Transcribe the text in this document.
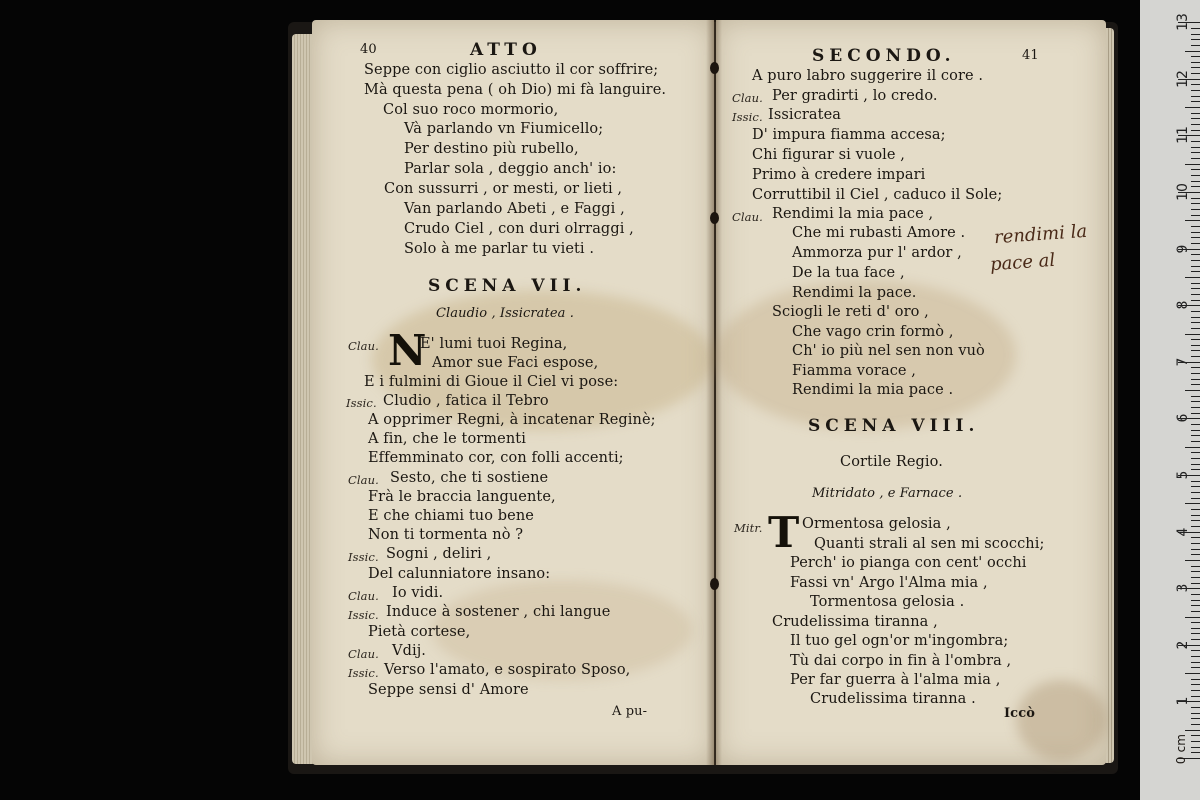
40	ATTO
Seppe con ciglio asciutto il cor soffrire;
Mà questa pena ( oh Dio) mi fà languire.
Col suo roco mormorio,
Và parlando vn Fiumicello;
Per destino più rubello,
Parlar sola , deggio anch' io:
Con sussurri , or mesti, or lieti ,
Van parlando Abeti , e Faggi ,
Crudo Ciel , con duri olrraggi ,
Solo à me parlar tu vieti .
SCENA VII.
Claudio , Issicratea .
Clau. N
E' lumi tuoi Regina,
Amor sue Faci espose,
E i fulmini di Gioue il Ciel vi pose:
Issic. Cludio , fatica il Tebro
A opprimer Regni, à incatenar Reginè;
A fin, che le tormenti
Effemminato cor, con folli accenti;
Clau. Sesto, che ti sostiene
Frà le braccia languente,
E che chiami tuo bene
Non ti tormenta nò ?
Issic. Sogni , deliri ,
Del calunniatore insano:
Clau. Io vidi.
Issic. Induce à sostener , chi langue
Pietà cortese,
Clau. Vdij.
Issic. Verso l'amato, e sospirato Sposo,
Seppe sensi d' Amore
A pu-
SECONDO.	41
A puro labro suggerire il core .
Clau. Per gradirti , lo credo.
Issic. Issicratea
D' impura fiamma accesa;
Chi figurar si vuole ,
Primo à credere impari
Corruttibil il Ciel , caduco il Sole;
Clau. Rendimi la mia pace ,
Che mi rubasti Amore .
Ammorza pur l' ardor ,
De la tua face ,
Rendimi la pace.
Sciogli le reti d' oro ,
Che vago crin formò ,
Ch' io più nel sen non vuò
Fiamma vorace ,
Rendimi la mia pace .
SCENA VIII.
Cortile Regio.
Mitridato , e Farnace .
Mitr. T Ormentosa gelosia ,
Quanti strali al sen mi scocchi;
Perch' io pianga con cent' occhi
Fassi vn' Argo l'Alma mia ,
Tormentosa gelosia .
Crudelissima tiranna ,
Il tuo gel ogn'or m'ingombra;
Tù dai corpo in fin à l'ombra ,
Per far guerra à l'alma mia ,
Crudelissima tiranna .
Iccò
rendimi la
pace al
0 cm
1
2
3
4
5
6
7
8
9
10
11
12
13
